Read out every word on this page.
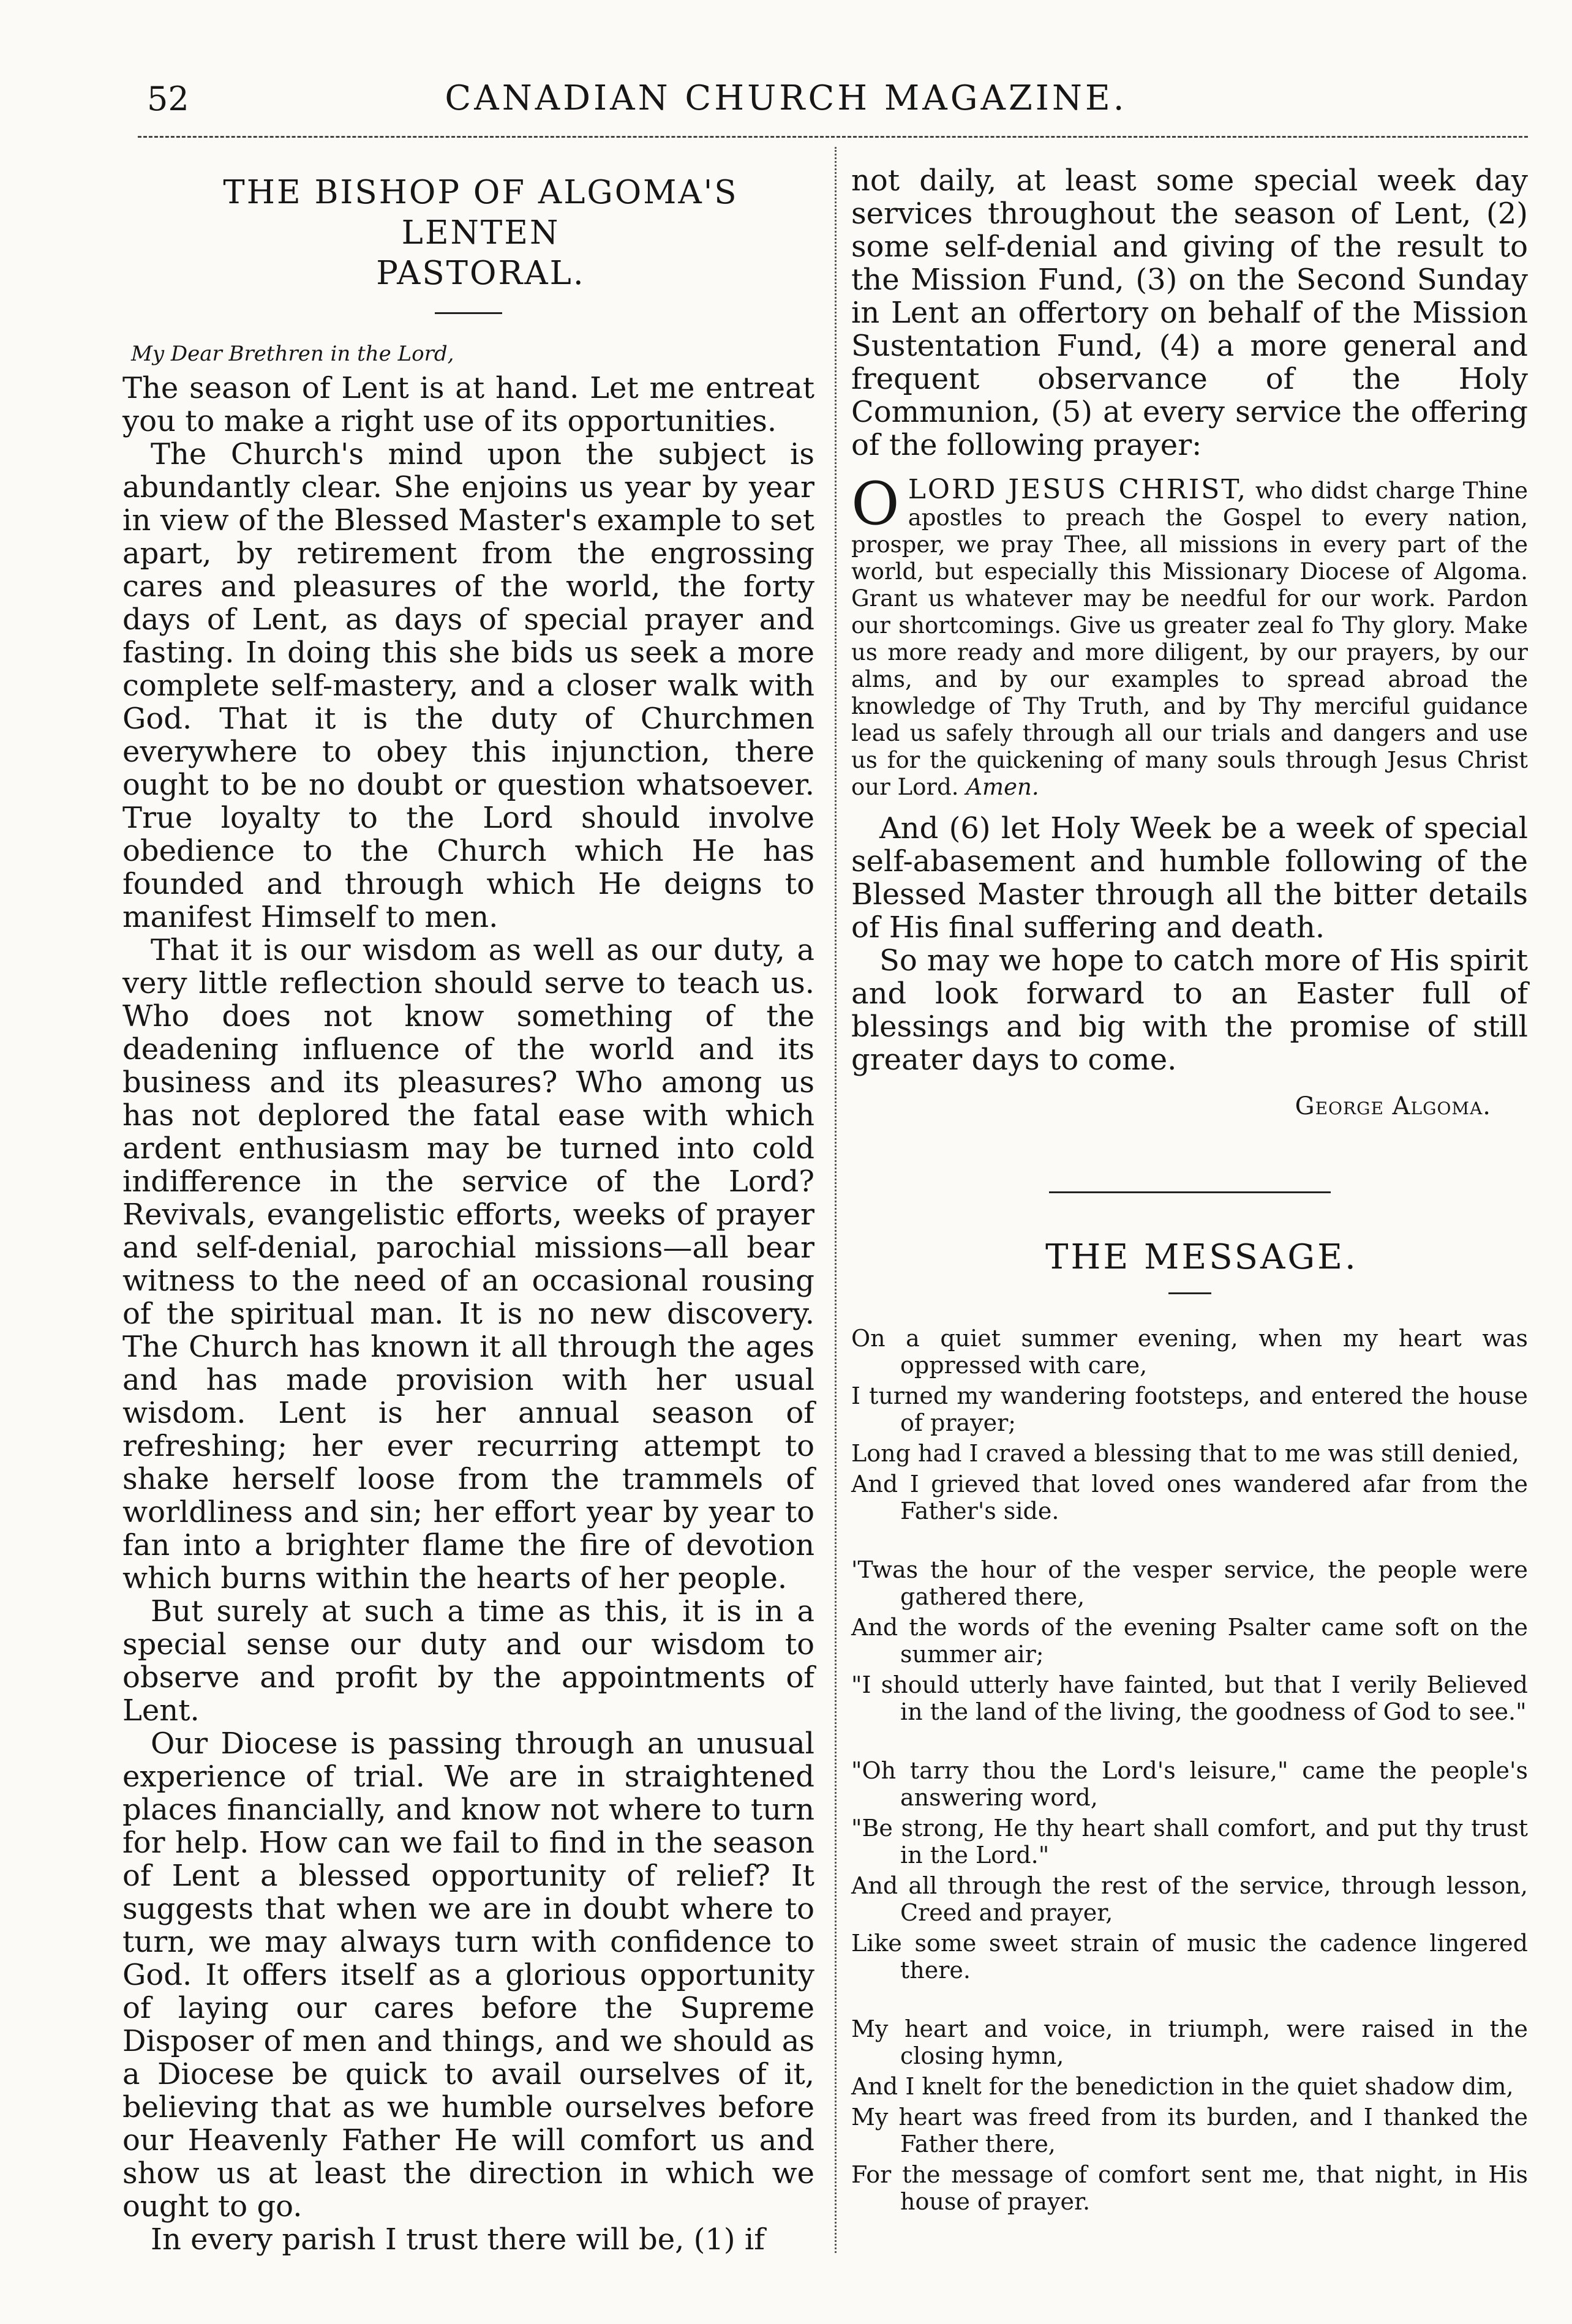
52	CANADIAN CHURCH MAGAZINE.
THE BISHOP OF ALGOMA'S LENTEN
PASTORAL.
My Dear Brethren in the Lord,

The season of Lent is at hand. Let me entreat you to make a right use of its opportunities.

The Church's mind upon the subject is abundantly clear. She enjoins us year by year in view of the Blessed Master's example to set apart, by retirement from the engrossing cares and pleasures of the world, the forty days of Lent, as days of special prayer and fasting. In doing this she bids us seek a more complete self-mastery, and a closer walk with God. That it is the duty of Churchmen everywhere to obey this injunction, there ought to be no doubt or question whatsoever. True loyalty to the Lord should involve obedience to the Church which He has founded and through which He deigns to manifest Himself to men.

That it is our wisdom as well as our duty, a very little reflection should serve to teach us. Who does not know something of the deadening influence of the world and its business and its pleasures? Who among us has not deplored the fatal ease with which ardent enthusiasm may be turned into cold indifference in the service of the Lord? Revivals, evangelistic efforts, weeks of prayer and self-denial, parochial missions—all bear witness to the need of an occasional rousing of the spiritual man. It is no new discovery. The Church has known it all through the ages and has made provision with her usual wisdom. Lent is her annual season of refreshing; her ever recurring attempt to shake herself loose from the trammels of worldliness and sin; her effort year by year to fan into a brighter flame the fire of devotion which burns within the hearts of her people.

But surely at such a time as this, it is in a special sense our duty and our wisdom to observe and profit by the appointments of Lent.

Our Diocese is passing through an unusual experience of trial. We are in straightened places financially, and know not where to turn for help. How can we fail to find in the season of Lent a blessed opportunity of relief? It suggests that when we are in doubt where to turn, we may always turn with confidence to God. It offers itself as a glorious opportunity of laying our cares before the Supreme Disposer of men and things, and we should as a Diocese be quick to avail ourselves of it, believing that as we humble ourselves before our Heavenly Father He will comfort us and show us at least the direction in which we ought to go.

In every parish I trust there will be, (1) if

not daily, at least some special week day services throughout the season of Lent, (2) some self-denial and giving of the result to the Mission Fund, (3) on the Second Sunday in Lent an offertory on behalf of the Mission Sustentation Fund, (4) a more general and frequent observance of the Holy Communion, (5) at every service the offering of the following prayer:

OLORD JESUS CHRIST, who didst charge Thine apostles to preach the Gospel to every nation, prosper, we pray Thee, all missions in every part of the world, but especially this Missionary Diocese of Algoma. Grant us whatever may be needful for our work. Pardon our shortcomings. Give us greater zeal fo Thy glory. Make us more ready and more diligent, by our prayers, by our alms, and by our examples to spread abroad the knowledge of Thy Truth, and by Thy merciful guidance lead us safely through all our trials and dangers and use us for the quickening of many souls through Jesus Christ our Lord. Amen.

And (6) let Holy Week be a week of special self-abasement and humble following of the Blessed Master through all the bitter details of His final suffering and death.

So may we hope to catch more of His spirit and look forward to an Easter full of blessings and big with the promise of still greater days to come.

George Algoma.
THE MESSAGE.

On a quiet summer evening, when my heart was oppressed with care,

I turned my wandering footsteps, and entered the house of prayer;

Long had I craved a blessing that to me was still denied,

And I grieved that loved ones wandered afar from the Father's side.

'Twas the hour of the vesper service, the people were gathered there,

And the words of the evening Psalter came soft on the summer air;

"I should utterly have fainted, but that I verily Believed in the land of the living, the goodness of God to see."

"Oh tarry thou the Lord's leisure," came the people's answering word,

"Be strong, He thy heart shall comfort, and put thy trust in the Lord."

And all through the rest of the service, through lesson, Creed and prayer,

Like some sweet strain of music the cadence lingered there.

My heart and voice, in triumph, were raised in the closing hymn,

And I knelt for the benediction in the quiet shadow dim,

My heart was freed from its burden, and I thanked the Father there,

For the message of comfort sent me, that night, in His house of prayer.
